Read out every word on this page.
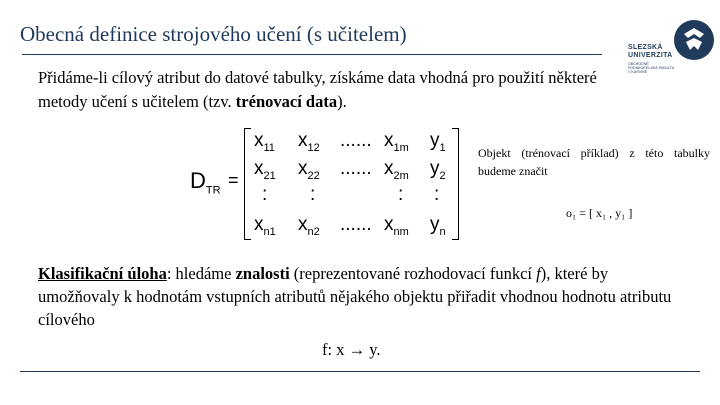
Obecná definice strojového učení (s učitelem)
SLEZSKÁ
UNIVERZITA
OBCHODNĚ PODNIKATELSKÁ FAKULTA V KARVINÉ
Přidáme-li cílový atribut do datové tabulky, získáme data vhodná pro použití některé metody učení s učitelem (tzv. trénovací data).
$D_{TR}$
=
$x_{11}$ $x_{12}$ ...... $x_{1m}$ $y_1$
$x_{21}$ $x_{22}$ ...... $x_{2m}$ $y_2$
: :	: :
$x_{n1}$ $x_{n2}$ ...... $x_{nm}$ $y_n$
Objekt (trénovací příklad) z této tabulky budeme značit
o₁ = [ x₁ , y₁ ]
Klasifikační úloha: hledáme znalosti (reprezentované rozhodovací funkcí f), které by umožňovaly k hodnotám vstupních atributů nějakého objektu přiřadit vhodnou hodnotu atributu cílového
f: x → y.
